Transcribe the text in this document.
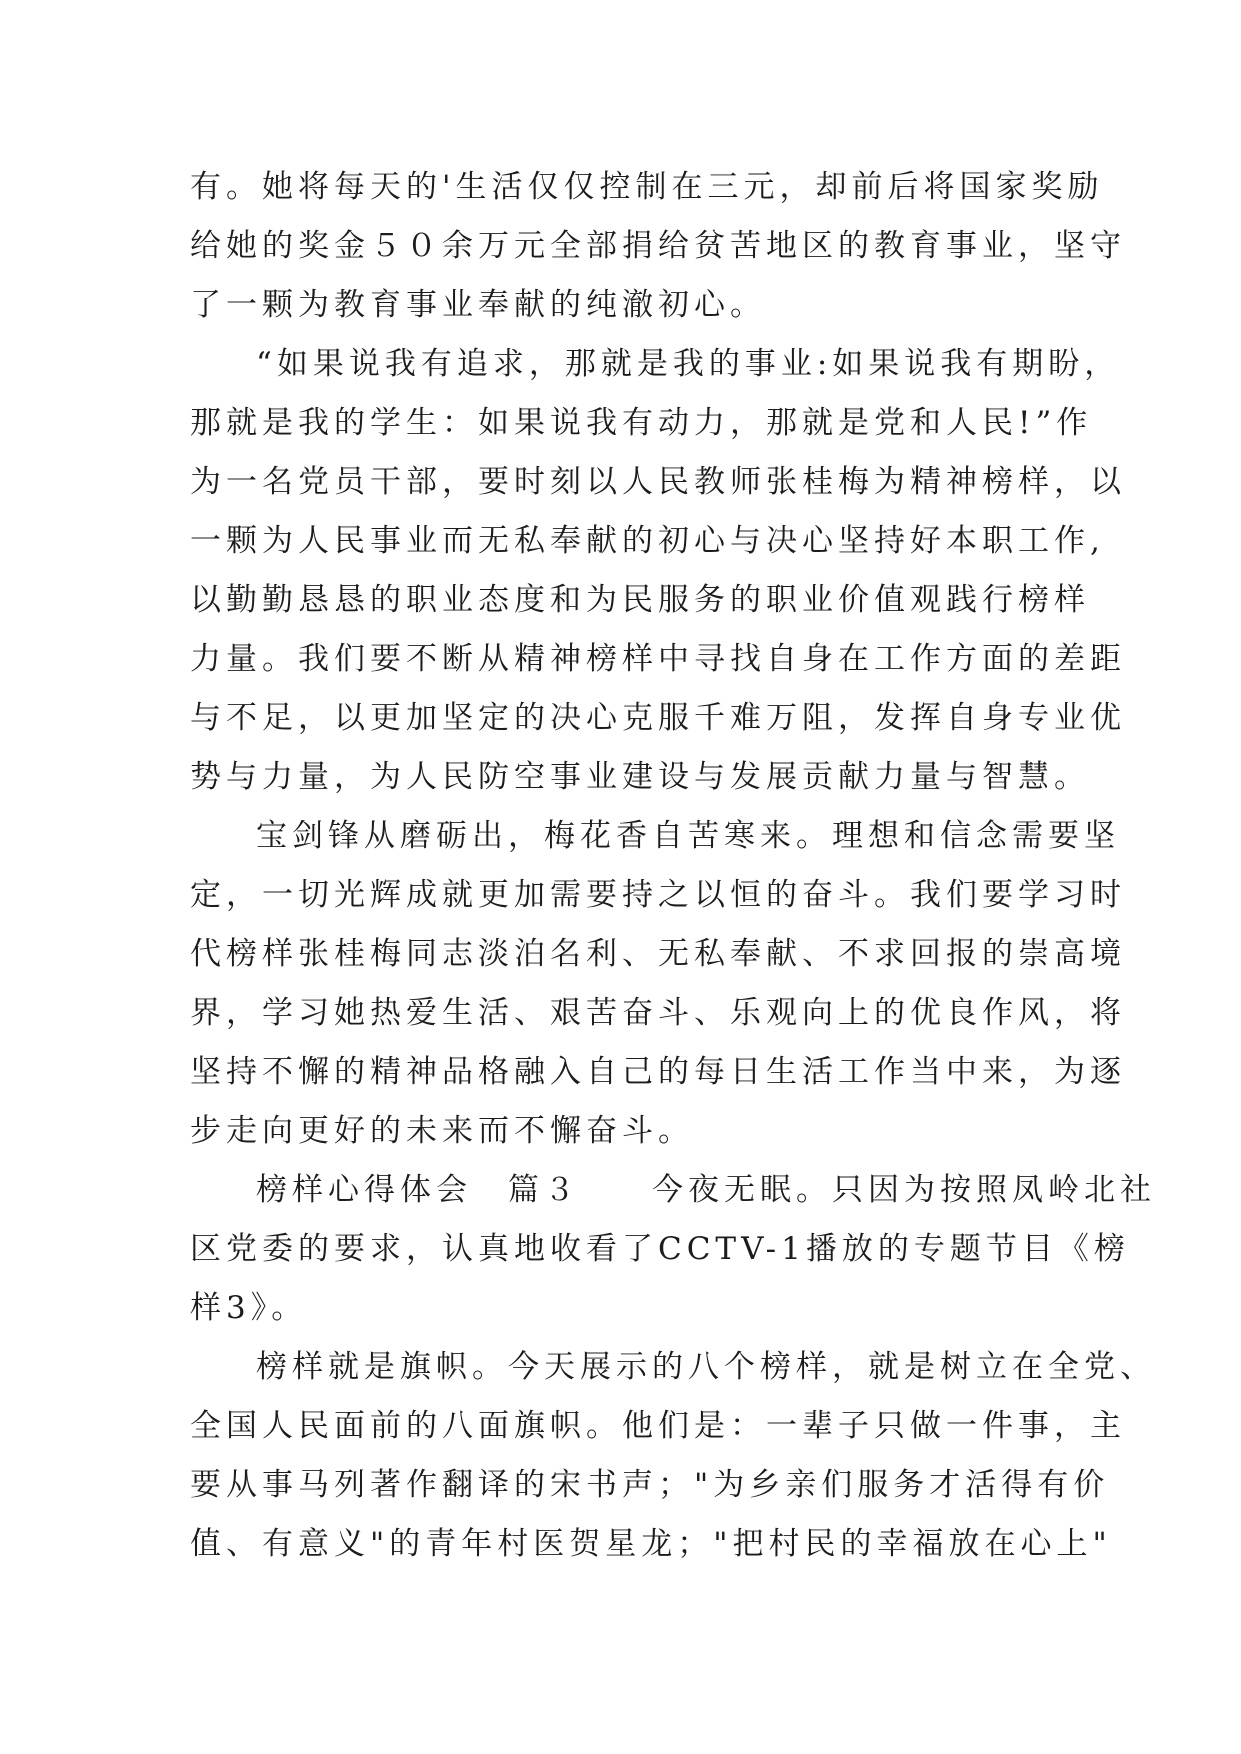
有。她将每天的'生活仅仅控制在三元，却前后将国家奖励
给她的奖金５０余万元全部捐给贫苦地区的教育事业，坚守
了一颗为教育事业奉献的纯澈初心。
“如果说我有追求，那就是我的事业:如果说我有期盼，
那就是我的学生：如果说我有动力，那就是党和人民!”作
为一名党员干部，要时刻以人民教师张桂梅为精神榜样，以
一颗为人民事业而无私奉献的初心与决心坚持好本职工作,
以勤勤恳恳的职业态度和为民服务的职业价值观践行榜样
力量。我们要不断从精神榜样中寻找自身在工作方面的差距
与不足，以更加坚定的决心克服千难万阻，发挥自身专业优
势与力量，为人民防空事业建设与发展贡献力量与智慧。
宝剑锋从磨砺出，梅花香自苦寒来。理想和信念需要坚
定，一切光辉成就更加需要持之以恒的奋斗。我们要学习时
代榜样张桂梅同志淡泊名利、无私奉献、不求回报的崇高境
界，学习她热爱生活、艰苦奋斗、乐观向上的优良作风，将
坚持不懈的精神品格融入自己的每日生活工作当中来，为逐
步走向更好的未来而不懈奋斗。
榜样心得体会　篇３　　今夜无眠。只因为按照凤岭北社
区党委的要求，认真地收看了CCTV-1播放的专题节目《榜
样3》。
榜样就是旗帜。今天展示的八个榜样，就是树立在全党、
全国人民面前的八面旗帜。他们是：一辈子只做一件事，主
要从事马列著作翻译的宋书声；"为乡亲们服务才活得有价
值、有意义"的青年村医贺星龙；"把村民的幸福放在心上"
